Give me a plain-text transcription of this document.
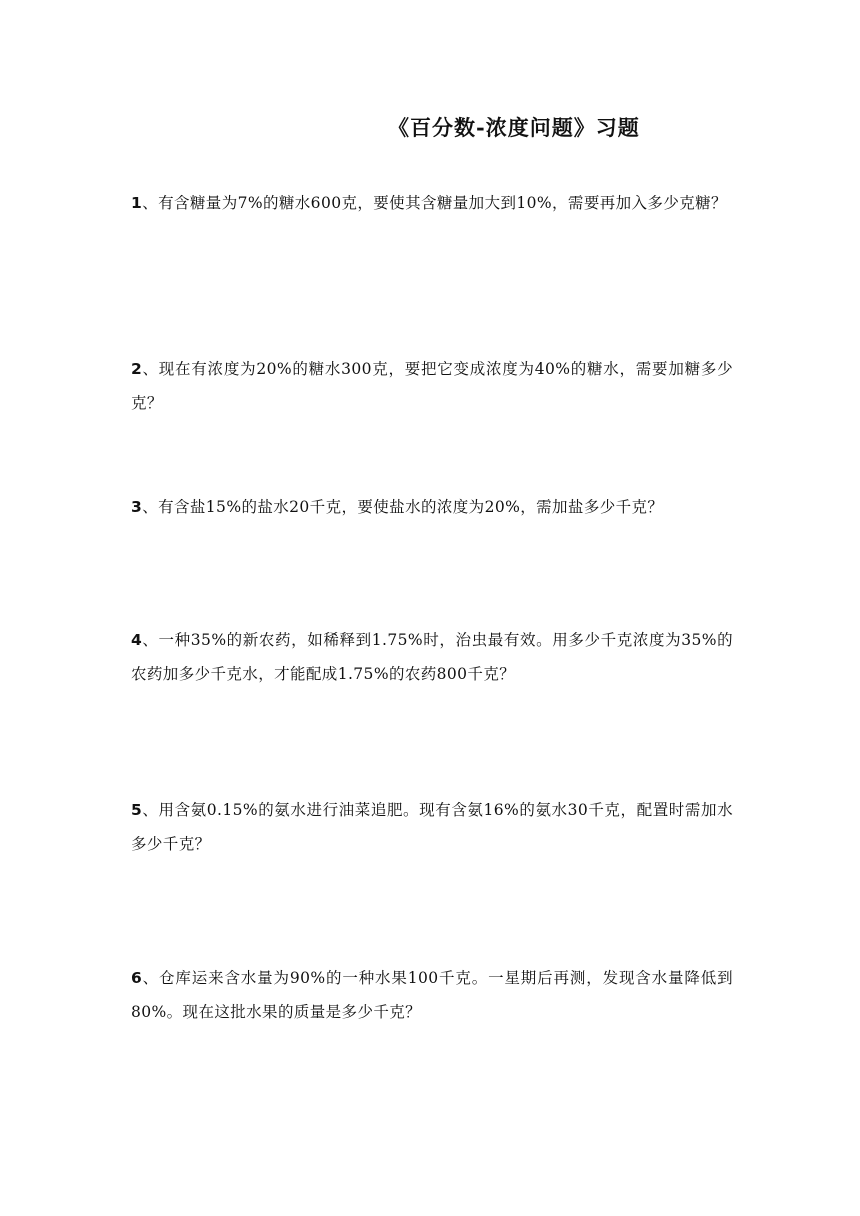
《百分数-浓度问题》习题
1、有含糖量为7%的糖水600克，要使其含糖量加大到10%，需要再加入多少克糖？
2、现在有浓度为20%的糖水300克，要把它变成浓度为40%的糖水，需要加糖多少克？
3、有含盐15%的盐水20千克，要使盐水的浓度为20%，需加盐多少千克？
4、一种35%的新农药，如稀释到1.75%时，治虫最有效。用多少千克浓度为35%的农药加多少千克水，才能配成1.75%的农药800千克？
5、用含氨0.15%的氨水进行油菜追肥。现有含氨16%的氨水30千克，配置时需加水多少千克？
6、仓库运来含水量为90%的一种水果100千克。一星期后再测，发现含水量降低到80%。现在这批水果的质量是多少千克？
